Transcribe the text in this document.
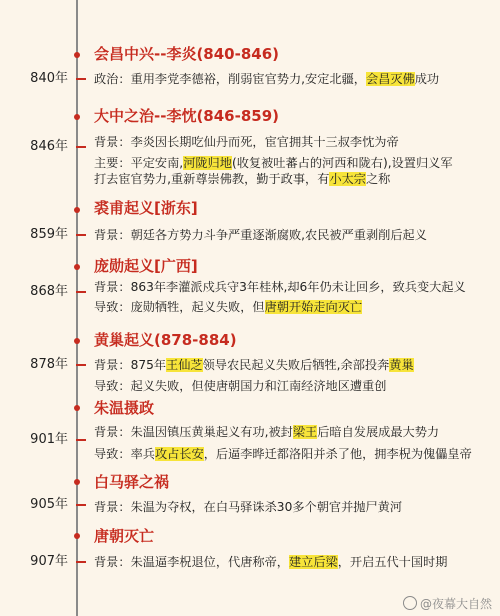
840年
846年
859年
868年
878年
901年
905年
907年
会昌中兴--李炎(840-846)
政治：重用李党李德裕，削弱宦官势力,安定北疆，会昌灭佛成功
大中之治--李忱(846-859)
背景：李炎因长期吃仙丹而死，宦官拥其十三叔李忱为帝
主要：平定安南,河陇归地(收复被吐蕃占的河西和陇右),设置归义军
打去宦官势力,重新尊崇佛教，勤于政事，有小太宗之称
裘甫起义[浙东]
背景：朝廷各方势力斗争严重逐渐腐败,农民被严重剥削后起义
庞勋起义[广西]
背景：863年李灌派戍兵守3年桂林,却6年仍未让回乡，致兵变大起义
导致：庞勋牺牲，起义失败，但唐朝开始走向灭亡
黄巢起义(878-884)
背景：875年王仙芝领导农民起义失败后牺牲,余部投奔黄巢
导致：起义失败，但使唐朝国力和江南经济地区遭重创
朱温摄政
背景：朱温因镇压黄巢起义有功,被封梁王后暗自发展成最大势力
导致：率兵攻占长安，后逼李晔迁都洛阳并杀了他，拥李柷为傀儡皇帝
白马驿之祸
背景：朱温为夺权，在白马驿诛杀30多个朝官并抛尸黄河
唐朝灭亡
背景：朱温逼李柷退位，代唐称帝，建立后梁，开启五代十国时期
@夜幕大自然
